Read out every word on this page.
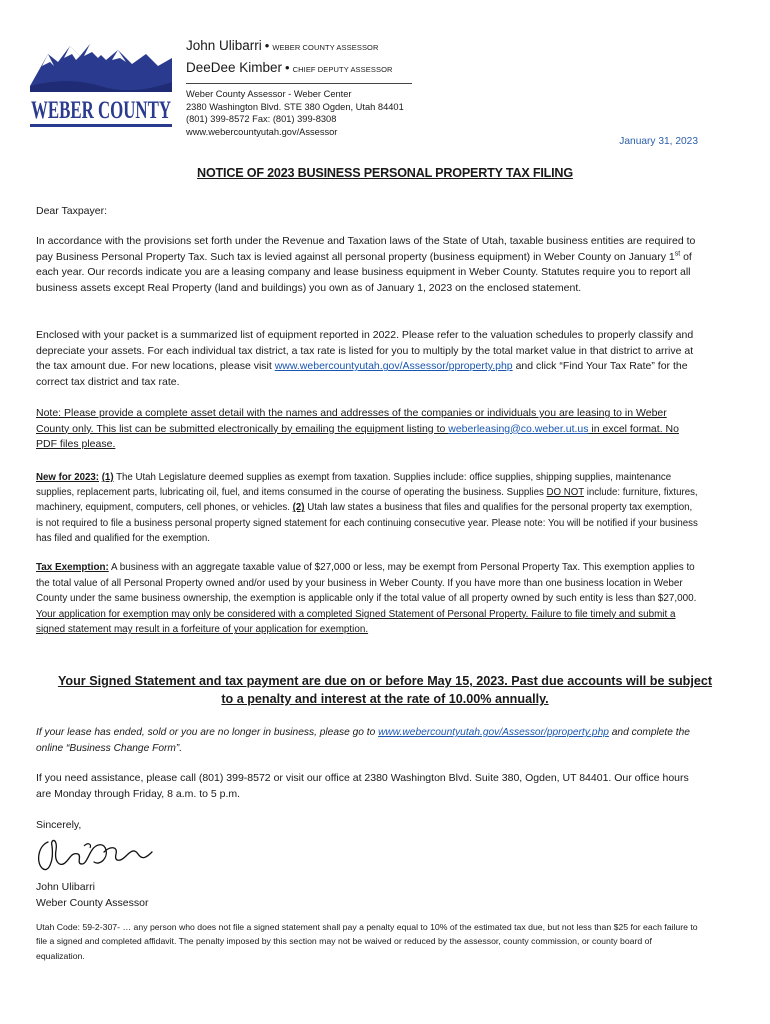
WEBER COUNTY
John Ulibarri • WEBER COUNTY ASSESSOR
DeeDee Kimber • CHIEF DEPUTY ASSESSOR
Weber County Assessor - Weber Center
2380 Washington Blvd. STE 380 Ogden, Utah 84401
(801) 399-8572 Fax: (801) 399-8308
www.webercountyutah.gov/Assessor
January 31, 2023
NOTICE OF 2023 BUSINESS PERSONAL PROPERTY TAX FILING
Dear Taxpayer:

In accordance with the provisions set forth under the Revenue and Taxation laws of the State of Utah, taxable business entities are required to pay Business Personal Property Tax. Such tax is levied against all personal property (business equipment) in Weber County on January 1st of each year. Our records indicate you are a leasing company and lease business equipment in Weber County. Statutes require you to report all business assets except Real Property (land and buildings) you own as of January 1, 2023 on the enclosed statement.

Enclosed with your packet is a summarized list of equipment reported in 2022. Please refer to the valuation schedules to properly classify and depreciate your assets. For each individual tax district, a tax rate is listed for you to multiply by the total market value in that district to arrive at the tax amount due. For new locations, please visit www.webercountyutah.gov/Assessor/pproperty.php and click “Find Your Tax Rate” for the correct tax district and tax rate.

Note: Please provide a complete asset detail with the names and addresses of the companies or individuals you are leasing to in Weber County only. This list can be submitted electronically by emailing the equipment listing to weberleasing@co.weber.ut.us in excel format. No PDF files please.

New for 2023: (1) The Utah Legislature deemed supplies as exempt from taxation. Supplies include: office supplies, shipping supplies, maintenance supplies, replacement parts, lubricating oil, fuel, and items consumed in the course of operating the business. Supplies DO NOT include: furniture, fixtures, machinery, equipment, computers, cell phones, or vehicles. (2) Utah law states a business that files and qualifies for the personal property tax exemption, is not required to file a business personal property signed statement for each continuing consecutive year. Please note: You will be notified if your business has filed and qualified for the exemption.

Tax Exemption: A business with an aggregate taxable value of $27,000 or less, may be exempt from Personal Property Tax. This exemption applies to the total value of all Personal Property owned and/or used by your business in Weber County. If you have more than one business location in Weber County under the same business ownership, the exemption is applicable only if the total value of all property owned by such entity is less than $27,000. Your application for exemption may only be considered with a completed Signed Statement of Personal Property. Failure to file timely and submit a signed statement may result in a forfeiture of your application for exemption.

Your Signed Statement and tax payment are due on or before May 15, 2023. Past due accounts will be subject
to a penalty and interest at the rate of 10.00% annually.

If your lease has ended, sold or you are no longer in business, please go to www.webercountyutah.gov/Assessor/pproperty.php and complete the online “Business Change Form”.

If you need assistance, please call (801) 399-8572 or visit our office at 2380 Washington Blvd. Suite 380, Ogden, UT 84401. Our office hours are Monday through Friday, 8 a.m. to 5 p.m.
Sincerely,
John Ulibarri
Weber County Assessor
Utah Code: 59-2-307- … any person who does not file a signed statement shall pay a penalty equal to 10% of the estimated tax due, but not less than $25 for each failure to file a signed and completed affidavit. The penalty imposed by this section may not be waived or reduced by the assessor, county commission, or county board of equalization.
